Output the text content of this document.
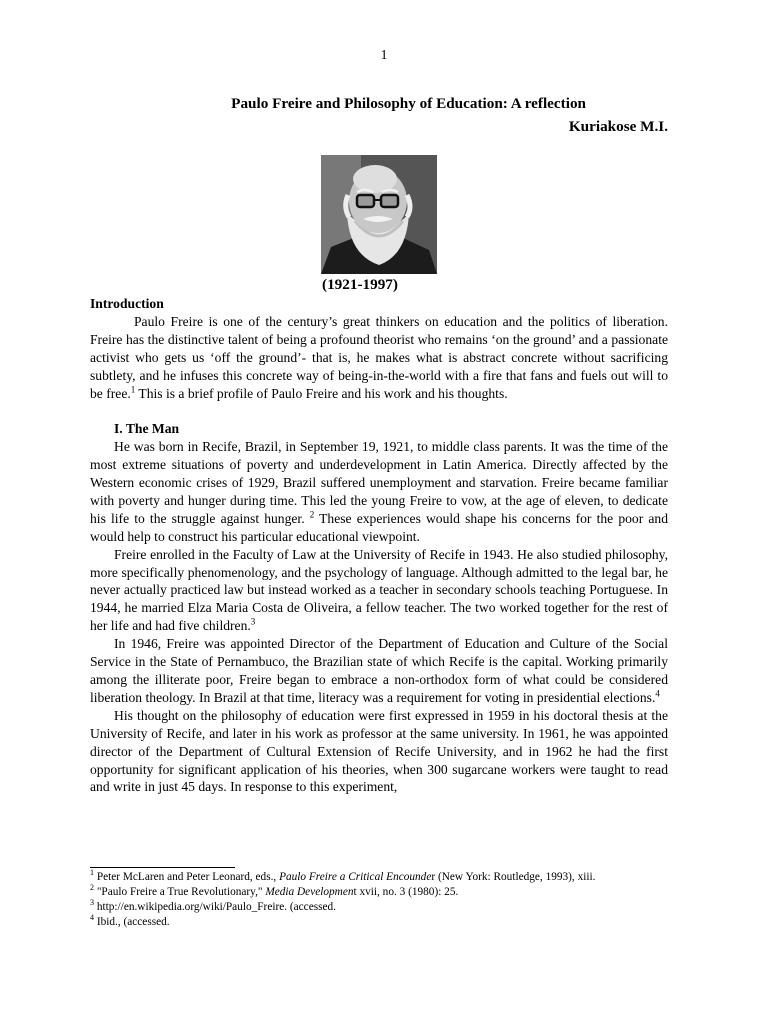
1
Paulo Freire and Philosophy of Education: A reflection
Kuriakose M.I.
(1921-1997)
Introduction

Paulo Freire is one of the century’s great thinkers on education and the politics of liberation. Freire has the distinctive talent of being a profound theorist who remains ‘on the ground’ and a passionate activist who gets us ‘off the ground’- that is, he makes what is abstract concrete without sacrificing subtlety, and he infuses this concrete way of being-in-the-world with a fire that fans and fuels out will to be free.$^1$ This is a brief profile of Paulo Freire and his work and his thoughts.

I. The Man

He was born in Recife, Brazil, in September 19, 1921, to middle class parents. It was the time of the most extreme situations of poverty and underdevelopment in Latin America. Directly affected by the Western economic crises of 1929, Brazil suffered unemployment and starvation. Freire became familiar with poverty and hunger during time. This led the young Freire to vow, at the age of eleven, to dedicate his life to the struggle against hunger. $^2$ These experiences would shape his concerns for the poor and would help to construct his particular educational viewpoint.

Freire enrolled in the Faculty of Law at the University of Recife in 1943. He also studied philosophy, more specifically phenomenology, and the psychology of language. Although admitted to the legal bar, he never actually practiced law but instead worked as a teacher in secondary schools teaching Portuguese. In 1944, he married Elza Maria Costa de Oliveira, a fellow teacher. The two worked together for the rest of her life and had five children.$^3$

In 1946, Freire was appointed Director of the Department of Education and Culture of the Social Service in the State of Pernambuco, the Brazilian state of which Recife is the capital. Working primarily among the illiterate poor, Freire began to embrace a non-orthodox form of what could be considered liberation theology. In Brazil at that time, literacy was a requirement for voting in presidential elections.$^4$

His thought on the philosophy of education were first expressed in 1959 in his doctoral thesis at the University of Recife, and later in his work as professor at the same university. In 1961, he was appointed director of the Department of Cultural Extension of Recife University, and in 1962 he had the first opportunity for significant application of his theories, when 300 sugarcane workers were taught to read and write in just 45 days. In response to this experiment,

$^1$ Peter McLaren and Peter Leonard, eds., Paulo Freire a Critical Encounder (New York: Routledge, 1993), xiii.
$^2$ "Paulo Freire a True Revolutionary," Media Development xvii, no. 3 (1980): 25.
$^3$ http://en.wikipedia.org/wiki/Paulo_Freire. (accessed.
$^4$ Ibid., (accessed.
